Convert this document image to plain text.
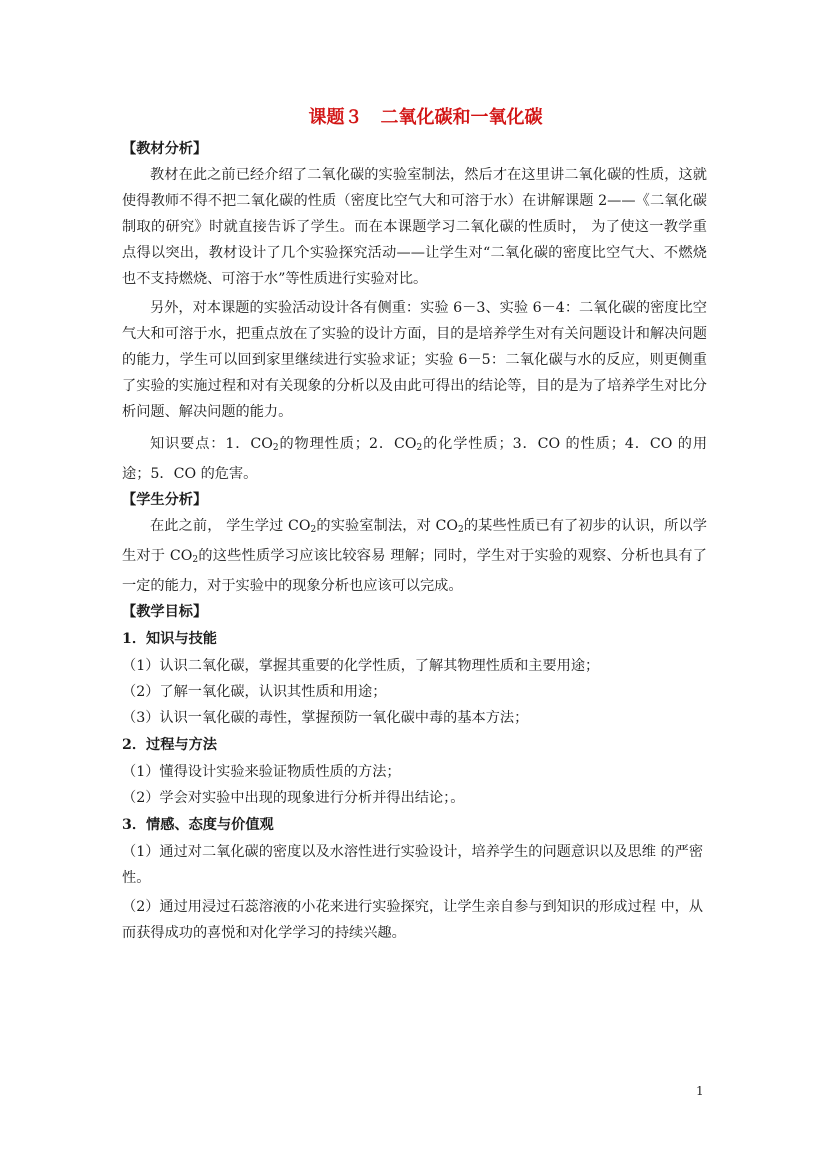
课题３　二氧化碳和一氧化碳
【教材分析】

教材在此之前已经介绍了二氧化碳的实验室制法，然后才在这里讲二氧化碳的性质，这就使得教师不得不把二氧化碳的性质（密度比空气大和可溶于水）在讲解课题 2——《二氧化碳制取的研究》时就直接告诉了学生。而在本课题学习二氧化碳的性质时， 为了使这一教学重点得以突出，教材设计了几个实验探究活动——让学生对“二氧化碳的密度比空气大、不燃烧也不支持燃烧、可溶于水”等性质进行实验对比。

另外，对本课题的实验活动设计各有侧重：实验 6－3、实验 6－4：二氧化碳的密度比空气大和可溶于水，把重点放在了实验的设计方面，目的是培养学生对有关问题设计和解决问题的能力，学生可以回到家里继续进行实验求证；实验 6－5：二氧化碳与水的反应，则更侧重了实验的实施过程和对有关现象的分析以及由此可得出的结论等，目的是为了培养学生对比分析问题、解决问题的能力。

知识要点：1．$CO_2$的物理性质；2．$CO_2$的化学性质；3．CO 的性质；4．CO 的用途；5．CO 的危害。

【学生分析】

在此之前， 学生学过 $CO_2$的实验室制法，对 $CO_2$的某些性质已有了初步的认识，所以学生对于 $CO_2$的这些性质学习应该比较容易 理解；同时，学生对于实验的观察、分析也具有了一定的能力，对于实验中的现象分析也应该可以完成。

【教学目标】
1．知识与技能

（1）认识二氧化碳，掌握其重要的化学性质，了解其物理性质和主要用途；

（2）了解一氧化碳，认识其性质和用途；

（3）认识一氧化碳的毒性，掌握预防一氧化碳中毒的基本方法；

2．过程与方法

（1）懂得设计实验来验证物质性质的方法；

（2）学会对实验中出现的现象进行分析并得出结论；。

3．情感、态度与价值观

（1）通过对二氧化碳的密度以及水溶性进行实验设计，培养学生的问题意识以及思维 的严密性。

（2）通过用浸过石蕊溶液的小花来进行实验探究，让学生亲自参与到知识的形成过程 中，从而获得成功的喜悦和对化学学习的持续兴趣。

1
